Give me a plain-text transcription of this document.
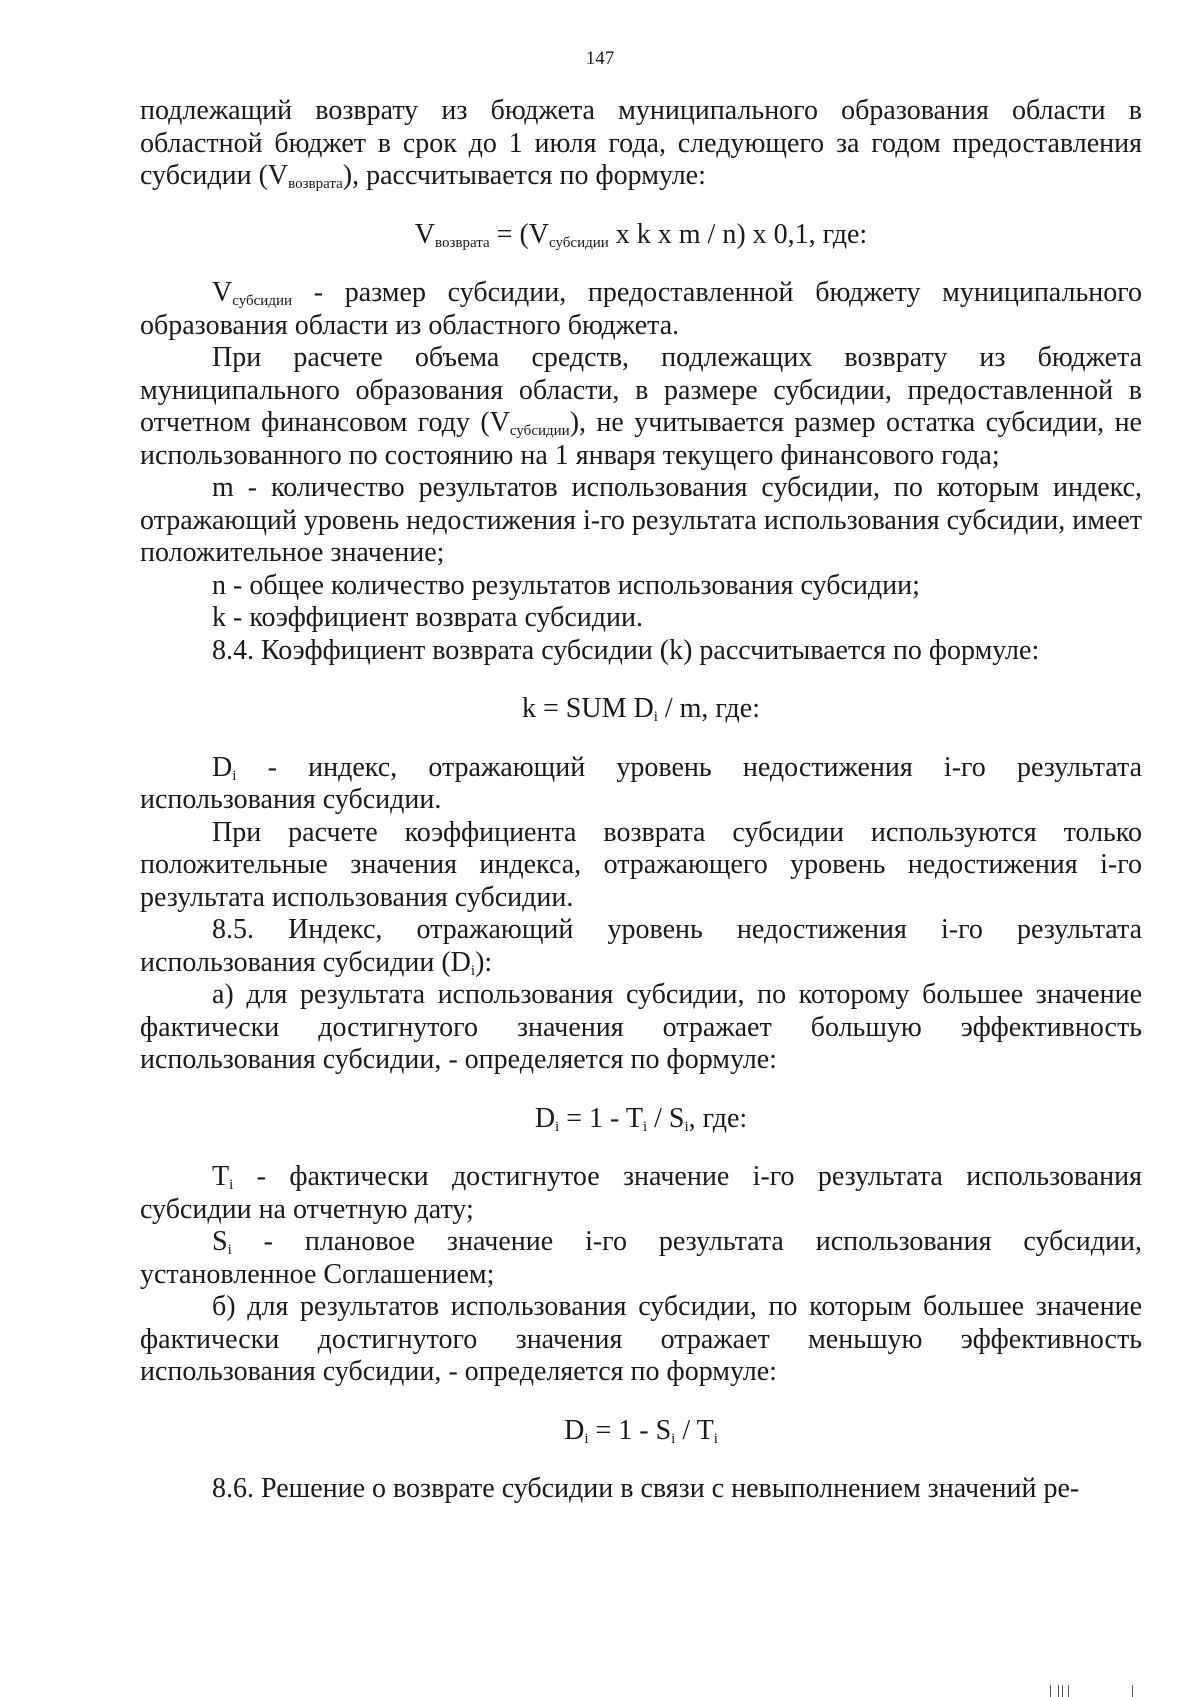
147

подлежащий возврату из бюджета муниципального образования области в областной бюджет в срок до 1 июля года, следующего за годом предоставления субсидии $(V_{возврата})$, рассчитывается по формуле:

$V_{возврата} = (V_{субсидии}$ х k х m / n) х 0,1, где:

$V_{субсидии}$ - размер субсидии, предоставленной бюджету муниципального образования области из областного бюджета.

При расчете объема средств, подлежащих возврату из бюджета муниципального образования области, в размере субсидии, предоставленной в отчетном финансовом году $(V_{субсидии})$, не учитывается размер остатка субсидии, не использованного по состоянию на 1 января текущего финансового года;

m - количество результатов использования субсидии, по которым индекс, отражающий уровень недостижения i-го результата использования субсидии, имеет положительное значение;

n - общее количество результатов использования субсидии;

k - коэффициент возврата субсидии.

8.4. Коэффициент возврата субсидии (k) рассчитывается по формуле:

k = SUM $D_i$ / m, где:

$D_i$ - индекс, отражающий уровень недостижения i-го результата использования субсидии.

При расчете коэффициента возврата субсидии используются только положительные значения индекса, отражающего уровень недостижения i-го результата использования субсидии.

8.5. Индекс, отражающий уровень недостижения i-го результата использования субсидии $(D_i)$:

а) для результата использования субсидии, по которому большее значение фактически достигнутого значения отражает большую эффективность использования субсидии, - определяется по формуле:

$D_i = 1 - T_i / S_i$, где:

$T_i$ - фактически достигнутое значение i-го результата использования субсидии на отчетную дату;

$S_i$ - плановое значение i-го результата использования субсидии, установленное Соглашением;

б) для результатов использования субсидии, по которым большее значение фактически достигнутого значения отражает меньшую эффективность использования субсидии, - определяется по формуле:

$D_i = 1 - S_i / T_i$

8.6. Решение о возврате субсидии в связи с невыполнением значений ре-
